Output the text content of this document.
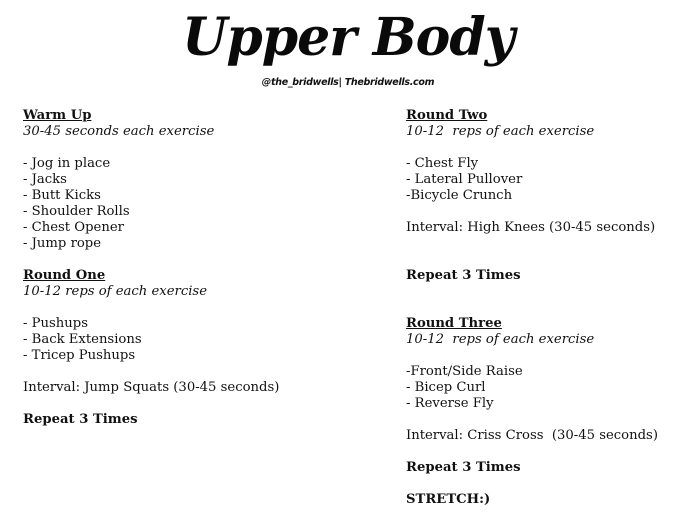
Upper Body
@the_bridwells| Thebridwells.com
Warm Up
30-45 seconds each exercise
- Jog in place
- Jacks
- Butt Kicks
- Shoulder Rolls
- Chest Opener
- Jump rope
Round One
10-12 reps of each exercise
- Pushups
- Back Extensions
- Tricep Pushups
Interval: Jump Squats (30-45 seconds)
Repeat 3 Times
Round Two
10-12  reps of each exercise
- Chest Fly
- Lateral Pullover
-Bicycle Crunch
Interval: High Knees (30-45 seconds)
Repeat 3 Times
Round Three
10-12  reps of each exercise
-Front/Side Raise
- Bicep Curl
- Reverse Fly
Interval: Criss Cross  (30-45 seconds)
Repeat 3 Times
STRETCH:)
